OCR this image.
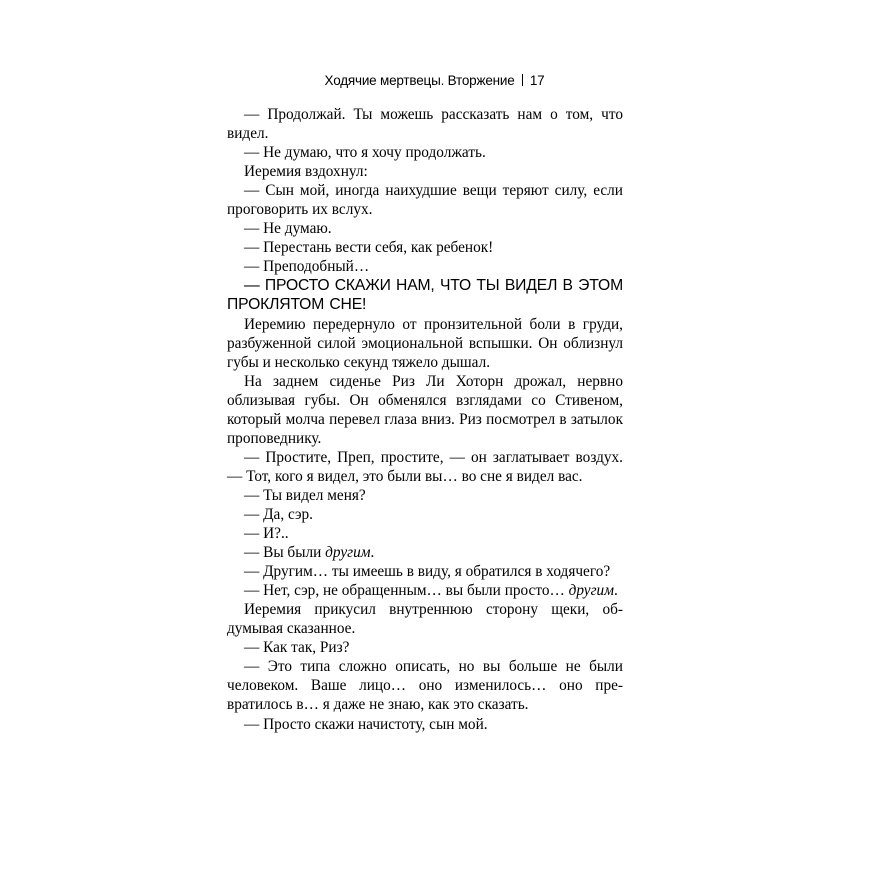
Ходячие мертвецы. Вторжение 17

— Продолжай. Ты можешь рассказать нам о том, что видел.

— Не думаю, что я хочу продолжать.

Иеремия вздохнул:

— Сын мой, иногда наихудшие вещи теряют силу, если проговорить их вслух.

— Не думаю.

— Перестань вести себя, как ребенок!

— Преподобный…

— ПРОСТО СКАЖИ НАМ, ЧТО ТЫ ВИДЕЛ В ЭТОМ ПРОКЛЯТОМ СНЕ!

Иеремию передернуло от пронзительной боли в груди, разбуженной силой эмоциональной вспышки. Он облизнул губы и несколько секунд тяжело дышал.

На заднем сиденье Риз Ли Хоторн дрожал, нервно облизывая губы. Он обменялся взглядами со Стивеном, который молча перевел глаза вниз. Риз посмотрел в затылок проповеднику.

— Простите, Преп, простите, — он заглатывает воздух. — Тот, кого я видел, это были вы… во сне я видел вас.

— Ты видел меня?

— Да, сэр.

— И?..

— Вы были другим.

— Другим… ты имеешь в виду, я обратился в ходячего?

— Нет, сэр, не обращенным… вы были просто… другим.

Иеремия прикусил внутреннюю сторону щеки, обдумывая сказанное.

— Как так, Риз?

— Это типа сложно описать, но вы больше не были человеком. Ваше лицо… оно изменилось… оно превратилось в… я даже не знаю, как это сказать.

— Просто скажи начистоту, сын мой.
